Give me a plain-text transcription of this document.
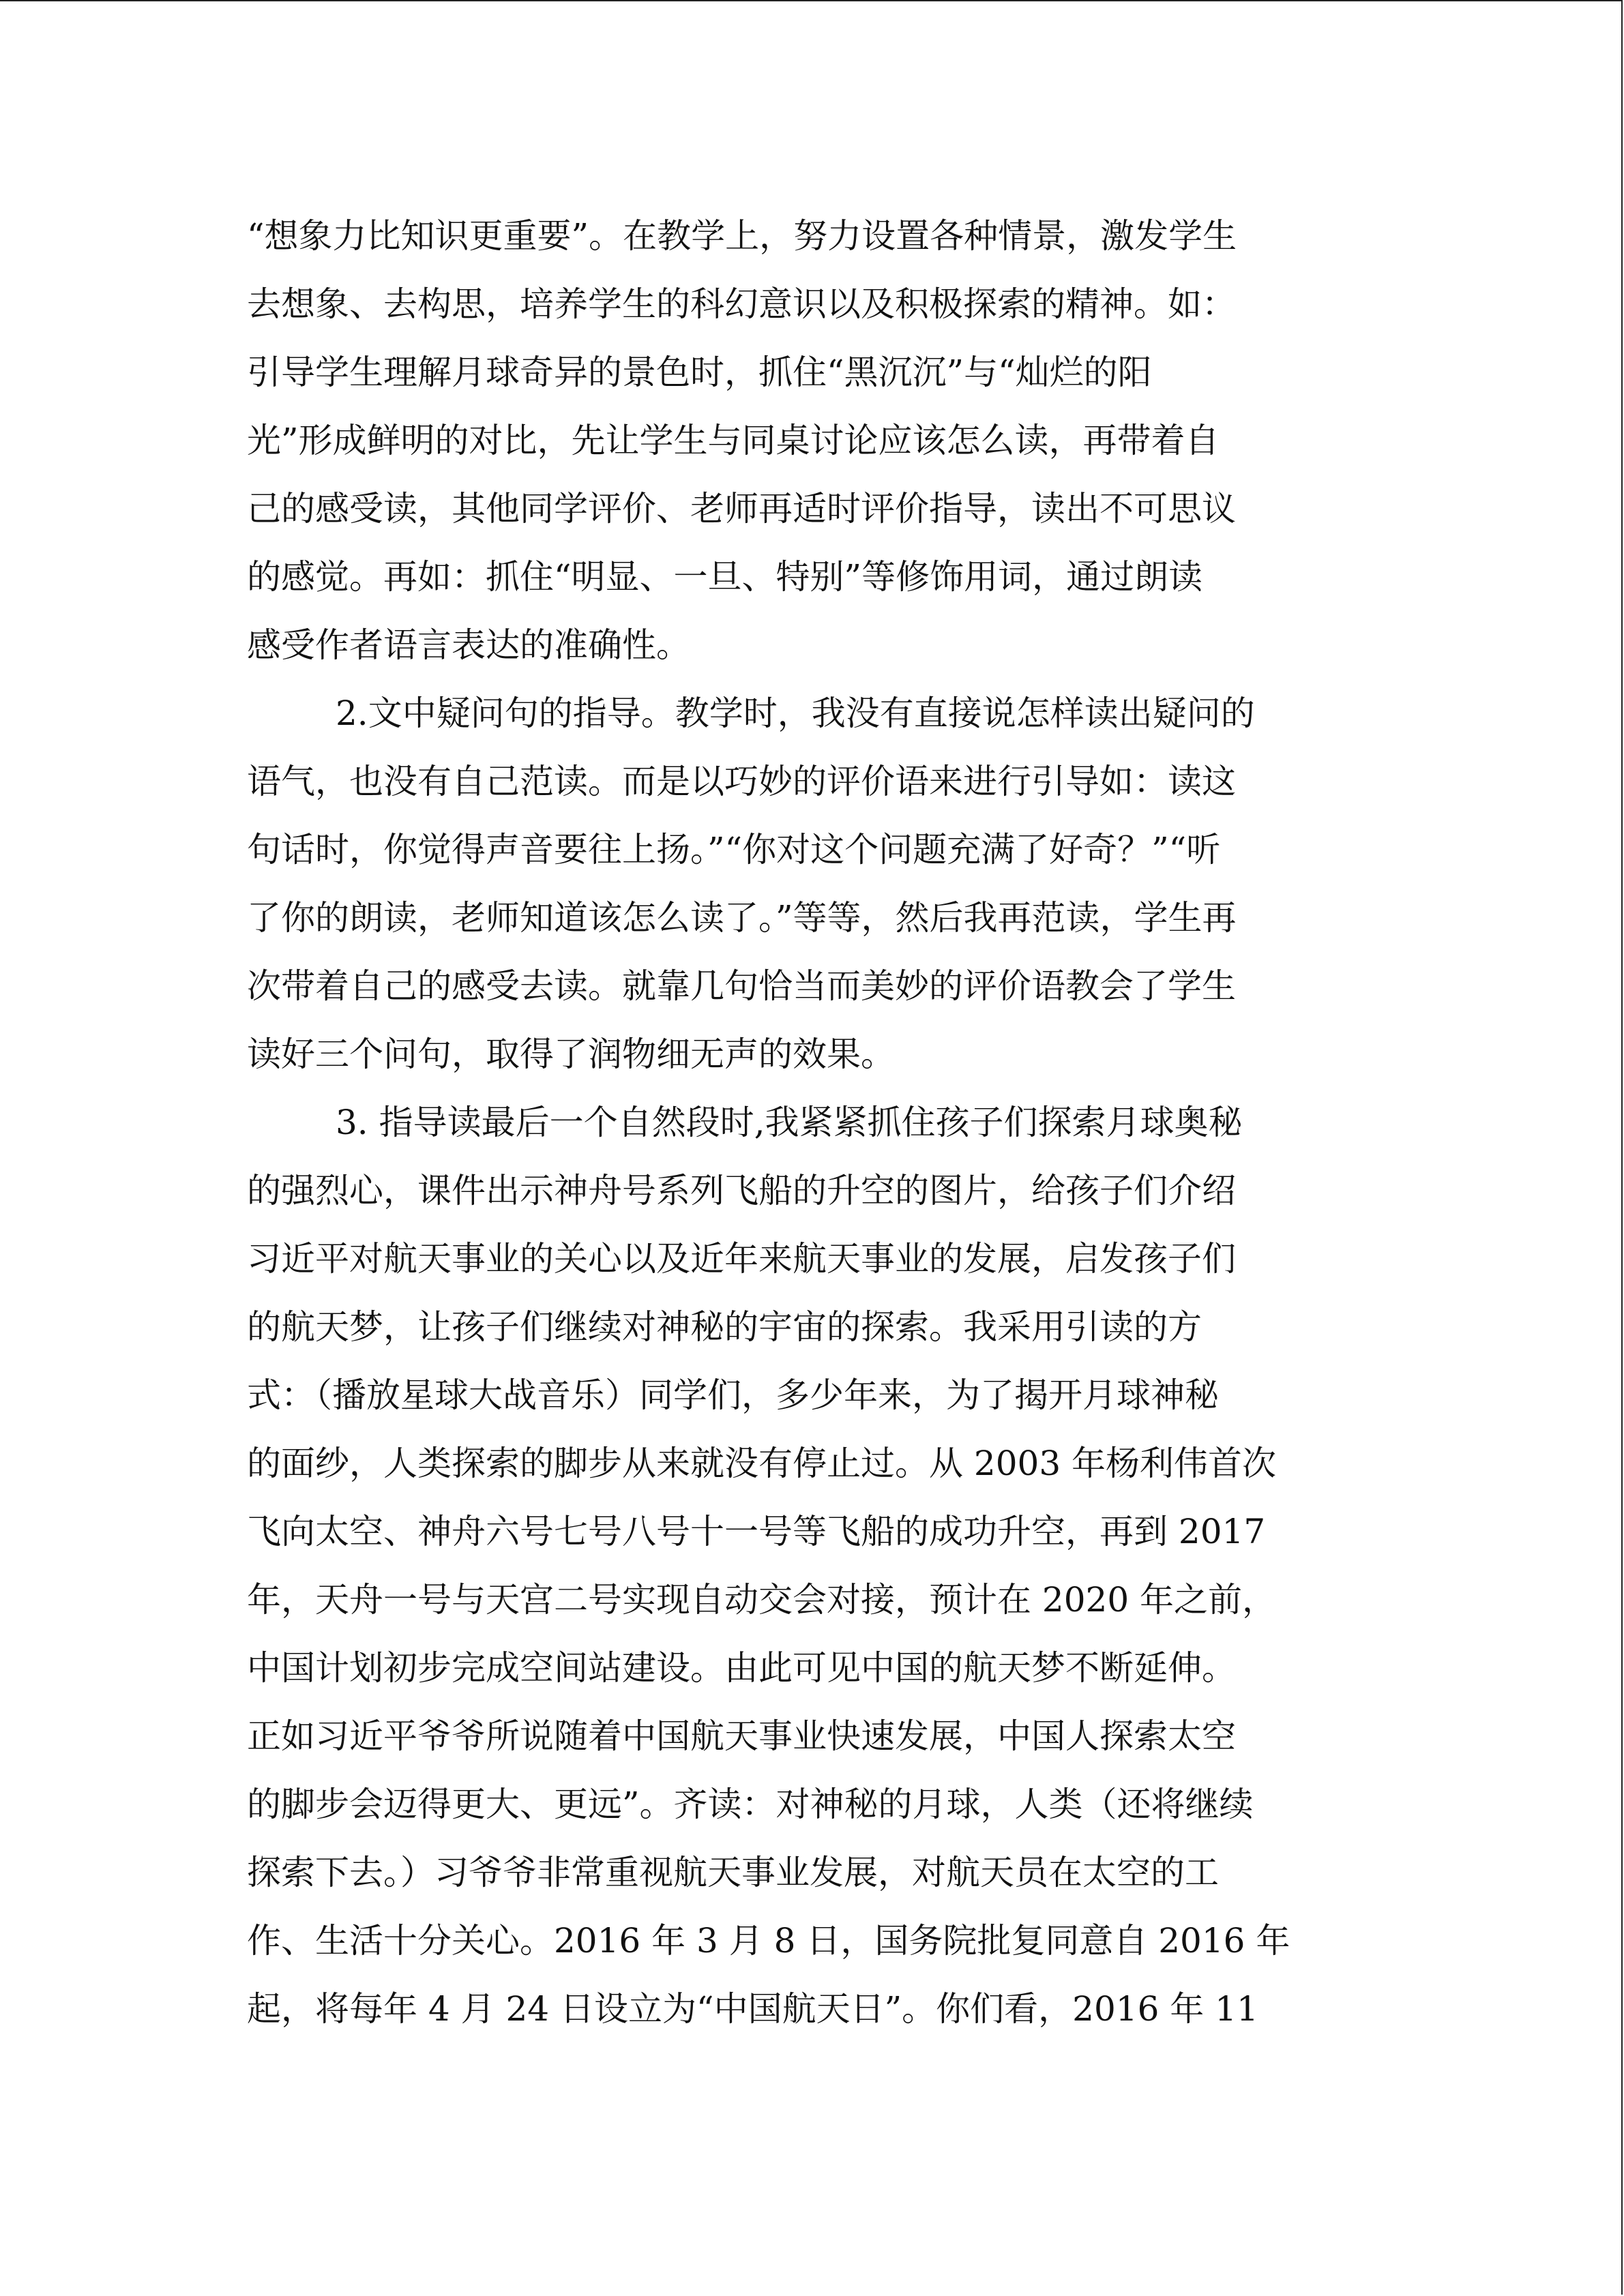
“想象力比知识更重要”。在教学上，努力设置各种情景，激发学生
去想象、去构思，培养学生的科幻意识以及积极探索的精神。如：
引导学生理解月球奇异的景色时，抓住“黑沉沉”与“灿烂的阳
光”形成鲜明的对比，先让学生与同桌讨论应该怎么读，再带着自
己的感受读，其他同学评价、老师再适时评价指导，读出不可思议
的感觉。再如：抓住“明显、一旦、特别”等修饰用词，通过朗读
感受作者语言表达的准确性。
2.文中疑问句的指导。教学时，我没有直接说怎样读出疑问的
语气，也没有自己范读。而是以巧妙的评价语来进行引导如：读这
句话时，你觉得声音要往上扬。”“你对这个问题充满了好奇？”“听
了你的朗读，老师知道该怎么读了。”等等，然后我再范读，学生再
次带着自己的感受去读。就靠几句恰当而美妙的评价语教会了学生
读好三个问句，取得了润物细无声的效果。
3. 指导读最后一个自然段时,我紧紧抓住孩子们探索月球奥秘
的强烈心，课件出示神舟号系列飞船的升空的图片，给孩子们介绍
习近平对航天事业的关心以及近年来航天事业的发展，启发孩子们
的航天梦，让孩子们继续对神秘的宇宙的探索。我采用引读的方
式：（播放星球大战音乐）同学们，多少年来，为了揭开月球神秘
的面纱，人类探索的脚步从来就没有停止过。从 2003 年杨利伟首次
飞向太空、神舟六号七号八号十一号等飞船的成功升空，再到 2017
年，天舟一号与天宫二号实现自动交会对接，预计在 2020 年之前，
中国计划初步完成空间站建设。由此可见中国的航天梦不断延伸。
正如习近平爷爷所说随着中国航天事业快速发展，中国人探索太空
的脚步会迈得更大、更远”。齐读：对神秘的月球，人类（还将继续
探索下去。）习爷爷非常重视航天事业发展，对航天员在太空的工
作、生活十分关心。2016 年 3 月 8 日，国务院批复同意自 2016 年
起，将每年 4 月 24 日设立为“中国航天日”。你们看，2016 年 11
